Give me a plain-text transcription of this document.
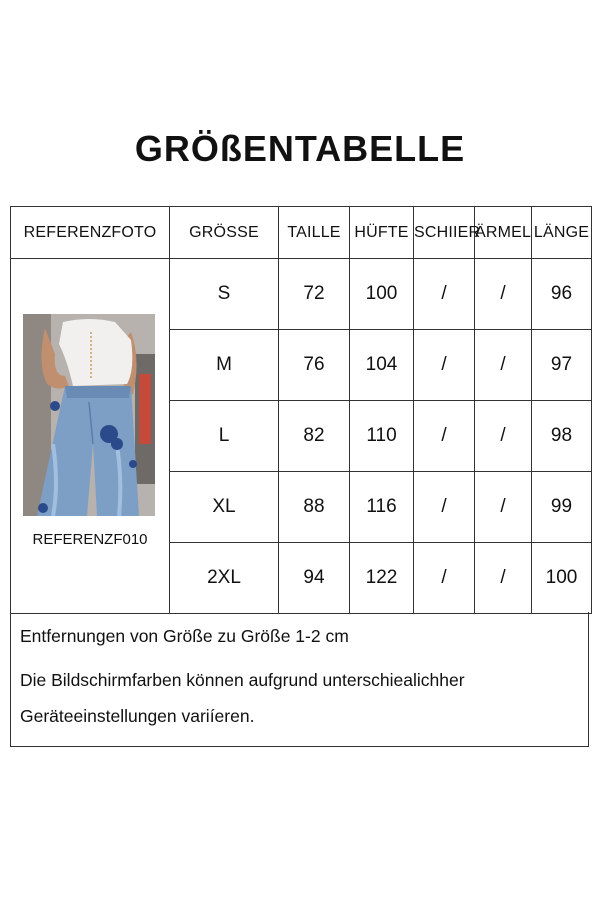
GRÖßENTABELLE
REFERENZFOTO	GRÖSSE	TAILLE	HÜFTE	SCHIIER	ÄRMEL	LÄNGE

REFERENZF010	S	72	100	/	/	96
	M	76	104	/	/	97
	L	82	110	/	/	98
	XL	88	116	/	/	99
	2XL	94	122	/	/	100
Entfernungen von Größe zu Größe 1-2 cm
Die Bildschirmfarben können aufgrund unterschiealichher
Geräteeinstellungen variíeren.
